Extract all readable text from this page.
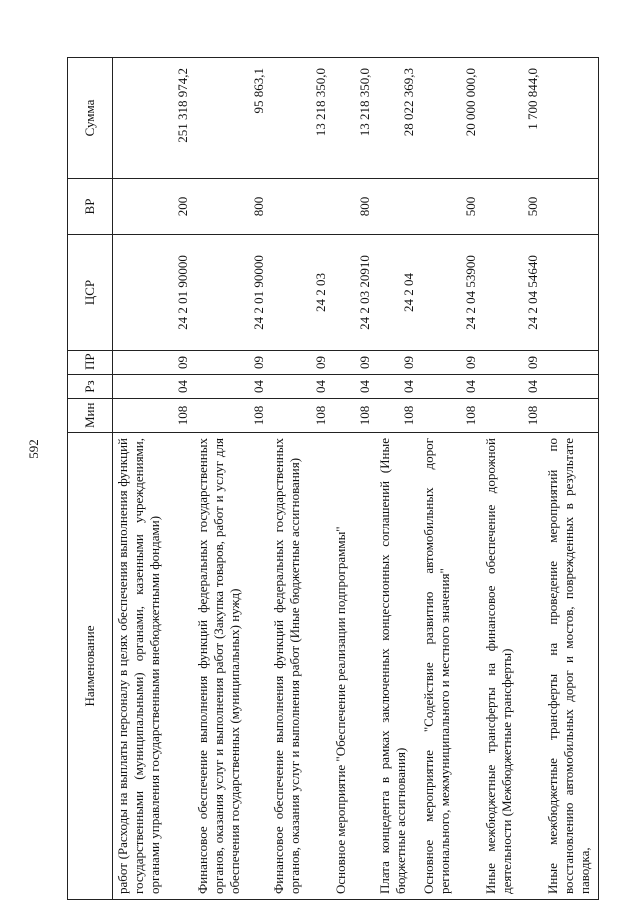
592
Наименование	Мин	Рз	ПР	ЦСР	ВР	Сумма
работ (Расходы на выплаты персоналу в целях обеспечения выполнения функций государственными (муниципальными) органами, казенными учреждениями, органами управления государственными внебюджетными фондами)	108	04	09	24 2 01 90000	200	251 318 974,2
Финансовое обеспечение выполнения функций федеральных государственных органов, оказания услуг и выполнения работ (Закупка товаров, работ и услуг для обеспечения государственных (муниципальных) нужд)	108	04	09	24 2 01 90000	800	95 863,1
Финансовое обеспечение выполнения функций федеральных государственных органов, оказания услуг и выполнения работ (Иные бюджетные ассигнования)	108	04	09	24 2 03		13 218 350,0
Основное мероприятие "Обеспечение реализации подпрограммы"	108	04	09	24 2 03 20910	800	13 218 350,0
Плата концедента в рамках заключенных концессионных соглашений (Иные бюджетные ассигнования)	108	04	09	24 2 04		28 022 369,3
Основное мероприятие "Содействие развитию автомобильных дорог регионального, межмуниципального и местного значения"	108	04	09	24 2 04 53900	500	20 000 000,0
Иные межбюджетные трансферты на финансовое обеспечение дорожной деятельности (Межбюджетные трансферты)	108	04	09	24 2 04 54640	500	1 700 844,0
Иные межбюджетные трансферты на проведение мероприятий по восстановлению автомобильных дорог и мостов, поврежденных в результате паводка,						
